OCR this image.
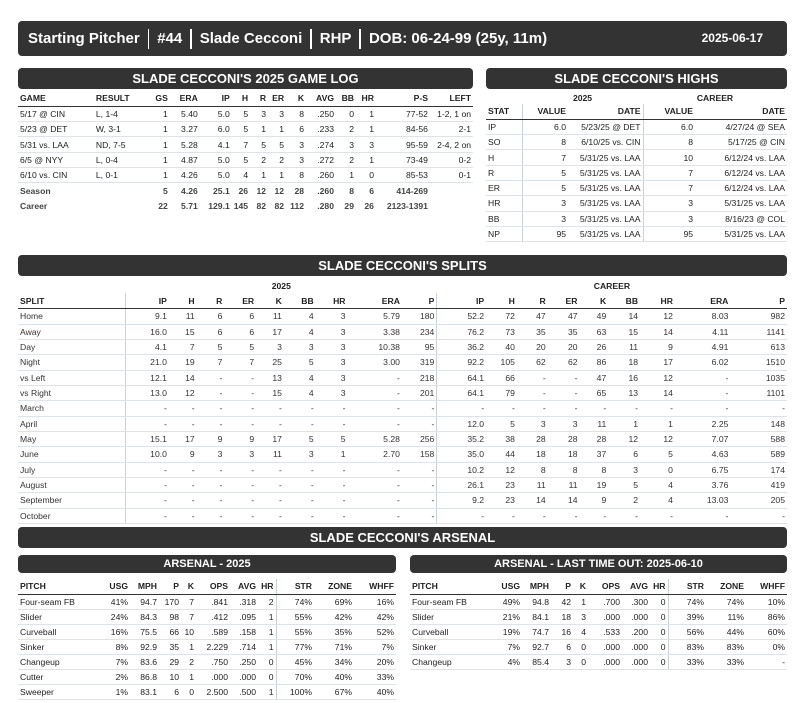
Starting Pitcher #44 Slade Cecconi RHP DOB: 06-24-99 (25y, 11m)	2025-06-17
SLADE CECCONI'S 2025 GAME LOG
GAME	RESULT	GS	ERA	IP	H	R	ER	K	AVG	BB	HR	P-S	LEFT
5/17 @ CIN	L, 1-4	1	5.40	5.0	5	3	3	8	.250	0	1	77-52	1-2, 1 on
5/23 @ DET	W, 3-1	1	3.27	6.0	5	1	1	6	.233	2	1	84-56	2-1
5/31 vs. LAA	ND, 7-5	1	5.28	4.1	7	5	5	3	.274	3	3	95-59	2-4, 2 on
6/5 @ NYY	L, 0-4	1	4.87	5.0	5	2	2	3	.272	2	1	73-49	0-2
6/10 vs. CIN	L, 0-1	1	4.26	5.0	4	1	1	8	.260	1	0	85-53	0-1
Season		5	4.26	25.1	26	12	12	28	.260	8	6	414-269	
Career		22	5.71	129.1	145	82	82	112	.280	29	26	2123-1391	
SLADE CECCONI'S HIGHS
	2025		CAREER	
STAT	VALUE	DATE	VALUE	DATE
IP	6.0	5/23/25 @ DET	6.0	4/27/24 @ SEA
SO	8	6/10/25 vs. CIN	8	5/17/25 @ CIN
H	7	5/31/25 vs. LAA	10	6/12/24 vs. LAA
R	5	5/31/25 vs. LAA	7	6/12/24 vs. LAA
ER	5	5/31/25 vs. LAA	7	6/12/24 vs. LAA
HR	3	5/31/25 vs. LAA	3	5/31/25 vs. LAA
BB	3	5/31/25 vs. LAA	3	8/16/23 @ COL
NP	95	5/31/25 vs. LAA	95	5/31/25 vs. LAA
SLADE CECCONI'S SPLITS
	2025									CAREER								
SPLIT	IP	H	R	ER	K	BB	HR	ERA	P	IP	H	R	ER	K	BB	HR	ERA	P
Home	9.1	11	6	6	11	4	3	5.79	180	52.2	72	47	47	49	14	12	8.03	982
Away	16.0	15	6	6	17	4	3	3.38	234	76.2	73	35	35	63	15	14	4.11	1141
Day	4.1	7	5	5	3	3	3	10.38	95	36.2	40	20	20	26	11	9	4.91	613
Night	21.0	19	7	7	25	5	3	3.00	319	92.2	105	62	62	86	18	17	6.02	1510
vs Left	12.1	14	-	-	13	4	3	-	218	64.1	66	-	-	47	16	12	-	1035
vs Right	13.0	12	-	-	15	4	3	-	201	64.1	79	-	-	65	13	14	-	1101
March	-	-	-	-	-	-	-	-	-	-	-	-	-	-	-	-	-	-
April	-	-	-	-	-	-	-	-	-	12.0	5	3	3	11	1	1	2.25	148
May	15.1	17	9	9	17	5	5	5.28	256	35.2	38	28	28	28	12	12	7.07	588
June	10.0	9	3	3	11	3	1	2.70	158	35.0	44	18	18	37	6	5	4.63	589
July	-	-	-	-	-	-	-	-	-	10.2	12	8	8	8	3	0	6.75	174
August	-	-	-	-	-	-	-	-	-	26.1	23	11	11	19	5	4	3.76	419
September	-	-	-	-	-	-	-	-	-	9.2	23	14	14	9	2	4	13.03	205
October	-	-	-	-	-	-	-	-	-	-	-	-	-	-	-	-	-	-
SLADE CECCONI'S ARSENAL
ARSENAL - 2025
PITCH	USG	MPH	P	K	OPS	AVG	HR	STR	ZONE	WHFF
Four-seam FB	41%	94.7	170	7	.841	.318	2	74%	69%	16%
Slider	24%	84.3	98	7	.412	.095	1	55%	42%	42%
Curveball	16%	75.5	66	10	.589	.158	1	55%	35%	52%
Sinker	8%	92.9	35	1	2.229	.714	1	77%	71%	7%
Changeup	7%	83.6	29	2	.750	.250	0	45%	34%	20%
Cutter	2%	86.8	10	1	.000	.000	0	70%	40%	33%
Sweeper	1%	83.1	6	0	2.500	.500	1	100%	67%	40%
ARSENAL - LAST TIME OUT: 2025-06-10
PITCH	USG	MPH	P	K	OPS	AVG	HR	STR	ZONE	WHFF
Four-seam FB	49%	94.8	42	1	.700	.300	0	74%	74%	10%
Slider	21%	84.1	18	3	.000	.000	0	39%	11%	86%
Curveball	19%	74.7	16	4	.533	.200	0	56%	44%	60%
Sinker	7%	92.7	6	0	.000	.000	0	83%	83%	0%
Changeup	4%	85.4	3	0	.000	.000	0	33%	33%	-
